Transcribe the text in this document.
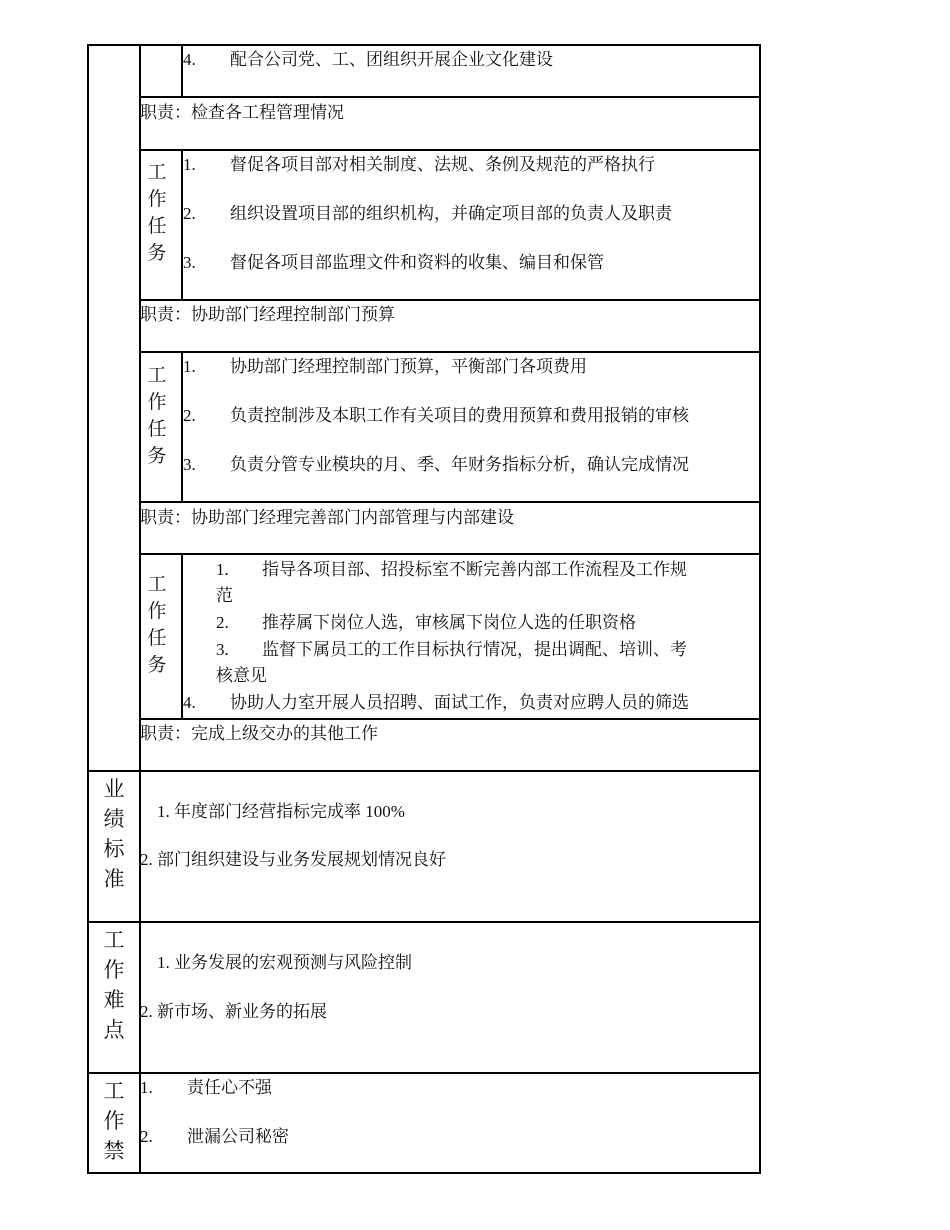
4. 配合公司党、工、团组织开展企业文化建设
职责：检查各工程管理情况
工
作
任
务
1. 督促各项目部对相关制度、法规、条例及规范的严格执行
2. 组织设置项目部的组织机构，并确定项目部的负责人及职责
3. 督促各项目部监理文件和资料的收集、编目和保管
职责：协助部门经理控制部门预算
工
作
任
务
1. 协助部门经理控制部门预算，平衡部门各项费用
2. 负责控制涉及本职工作有关项目的费用预算和费用报销的审核
3. 负责分管专业模块的月、季、年财务指标分析，确认完成情况
职责：协助部门经理完善部门内部管理与内部建设
工
作
任
务
1. 指导各项目部、招投标室不断完善内部工作流程及工作规
范
2. 推荐属下岗位人选，审核属下岗位人选的任职资格
3. 监督下属员工的工作目标执行情况，提出调配、培训、考
核意见
4. 协助人力室开展人员招聘、面试工作，负责对应聘人员的筛选
职责：完成上级交办的其他工作
业
绩
标
准
1. 年度部门经营指标完成率 100%
2. 部门组织建设与业务发展规划情况良好
工
作
难
点
1. 业务发展的宏观预测与风险控制
2. 新市场、新业务的拓展
工
作
禁
1. 责任心不强
2. 泄漏公司秘密
